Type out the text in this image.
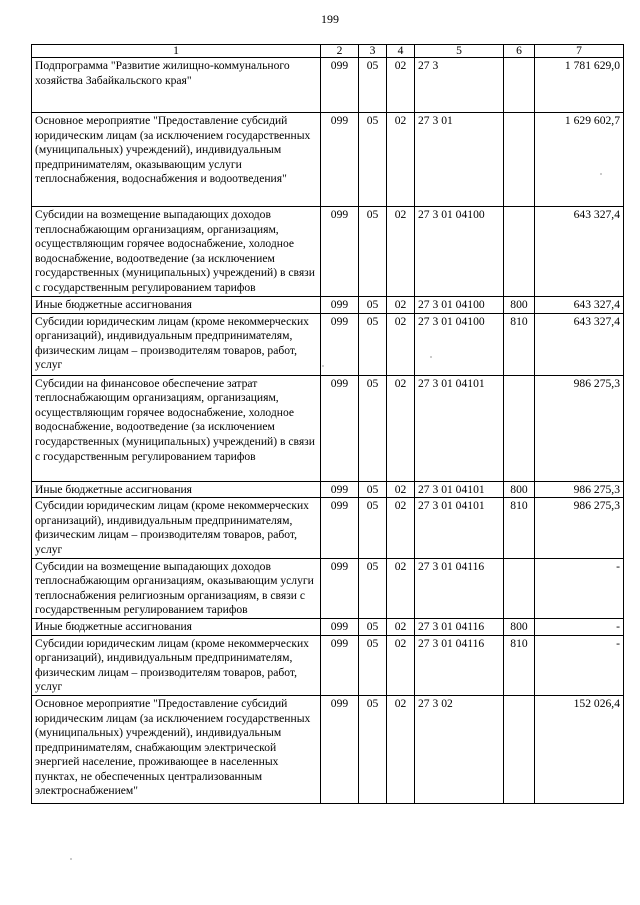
199
1	2	3	4	5	6	7
Подпрограмма "Развитие жилищно-коммунального хозяйства Забайкальского края"	099	05	02	27 3		1 781 629,0
Основное мероприятие "Предоставление субсидий юридическим лицам (за исключением государственных (муниципальных) учреждений), индивидуальным предпринимателям, оказывающим услуги теплоснабжения, водоснабжения и водоотведения"	099	05	02	27 3 01		1 629 602,7
Субсидии на возмещение выпадающих доходов теплоснабжающим организациям, организациям, осуществляющим горячее водоснабжение, холодное водоснабжение, водоотведение (за исключением государственных (муниципальных) учреждений) в связи с государственным регулированием тарифов	099	05	02	27 3 01 04100		643 327,4
Иные бюджетные ассигнования	099	05	02	27 3 01 04100	800	643 327,4
Субсидии юридическим лицам (кроме некоммерческих организаций), индивидуальным предпринимателям, физическим лицам – производителям товаров, работ, услуг	099	05	02	27 3 01 04100	810	643 327,4
Субсидии на финансовое обеспечение затрат теплоснабжающим организациям, организациям, осуществляющим горячее водоснабжение, холодное водоснабжение, водоотведение (за исключением государственных (муниципальных) учреждений) в связи с государственным регулированием тарифов	099	05	02	27 3 01 04101		986 275,3
Иные бюджетные ассигнования	099	05	02	27 3 01 04101	800	986 275,3
Субсидии юридическим лицам (кроме некоммерческих организаций), индивидуальным предпринимателям, физическим лицам – производителям товаров, работ, услуг	099	05	02	27 3 01 04101	810	986 275,3
Субсидии на возмещение выпадающих доходов теплоснабжающим организациям, оказывающим услуги теплоснабжения религиозным организациям, в связи с государственным регулированием тарифов	099	05	02	27 3 01 04116		-
Иные бюджетные ассигнования	099	05	02	27 3 01 04116	800	-
Субсидии юридическим лицам (кроме некоммерческих организаций), индивидуальным предпринимателям, физическим лицам – производителям товаров, работ, услуг	099	05	02	27 3 01 04116	810	-
Основное мероприятие "Предоставление субсидий юридическим лицам (за исключением государственных (муниципальных) учреждений), индивидуальным предпринимателям, снабжающим электрической энергией население, проживающее в населенных пунктах, не обеспеченных централизованным электроснабжением"	099	05	02	27 3 02		152 026,4
